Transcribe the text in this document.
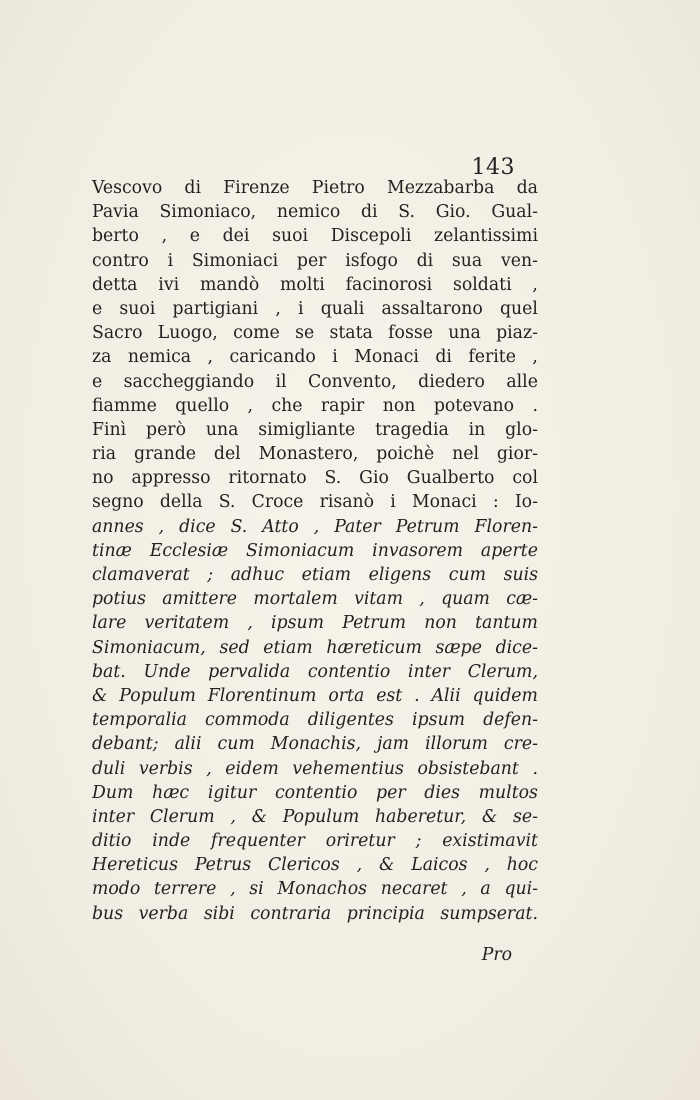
143
Vescovo di Firenze Pietro Mezzabarba da
Pavia Simoniaco, nemico di S. Gio. Gual-
berto , e dei suoi Discepoli zelantissimi
contro i Simoniaci per isfogo di sua ven-
detta ivi mandò molti facinorosi soldati ,
e suoi partigiani , i quali assaltarono quel
Sacro Luogo, come se stata fosse una piaz-
za nemica , caricando i Monaci di ferite ,
e saccheggiando il Convento, diedero alle
fiamme quello , che rapir non potevano .
Finì però una simigliante tragedia in glo-
ria grande del Monastero, poichè nel gior-
no appresso ritornato S. Gio Gualberto col
segno della S. Croce risanò i Monaci : Io-
annes , dice S. Atto , Pater Petrum Floren-
tinæ Ecclesiæ Simoniacum invasorem aperte
clamaverat ; adhuc etiam eligens cum suis
potius amittere mortalem vitam , quam cæ-
lare veritatem , ipsum Petrum non tantum
Simoniacum, sed etiam hæreticum sæpe dice-
bat. Unde pervalida contentio inter Clerum,
& Populum Florentinum orta est . Alii quidem
temporalia commoda diligentes ipsum defen-
debant; alii cum Monachis, jam illorum cre-
duli verbis , eidem vehementius obsistebant .
Dum hæc igitur contentio per dies multos
inter Clerum , & Populum haberetur, & se-
ditio inde frequenter oriretur ; existimavit
Hereticus Petrus Clericos , & Laicos , hoc
modo terrere , si Monachos necaret , a qui-
bus verba sibi contraria principia sumpserat.
Pro
